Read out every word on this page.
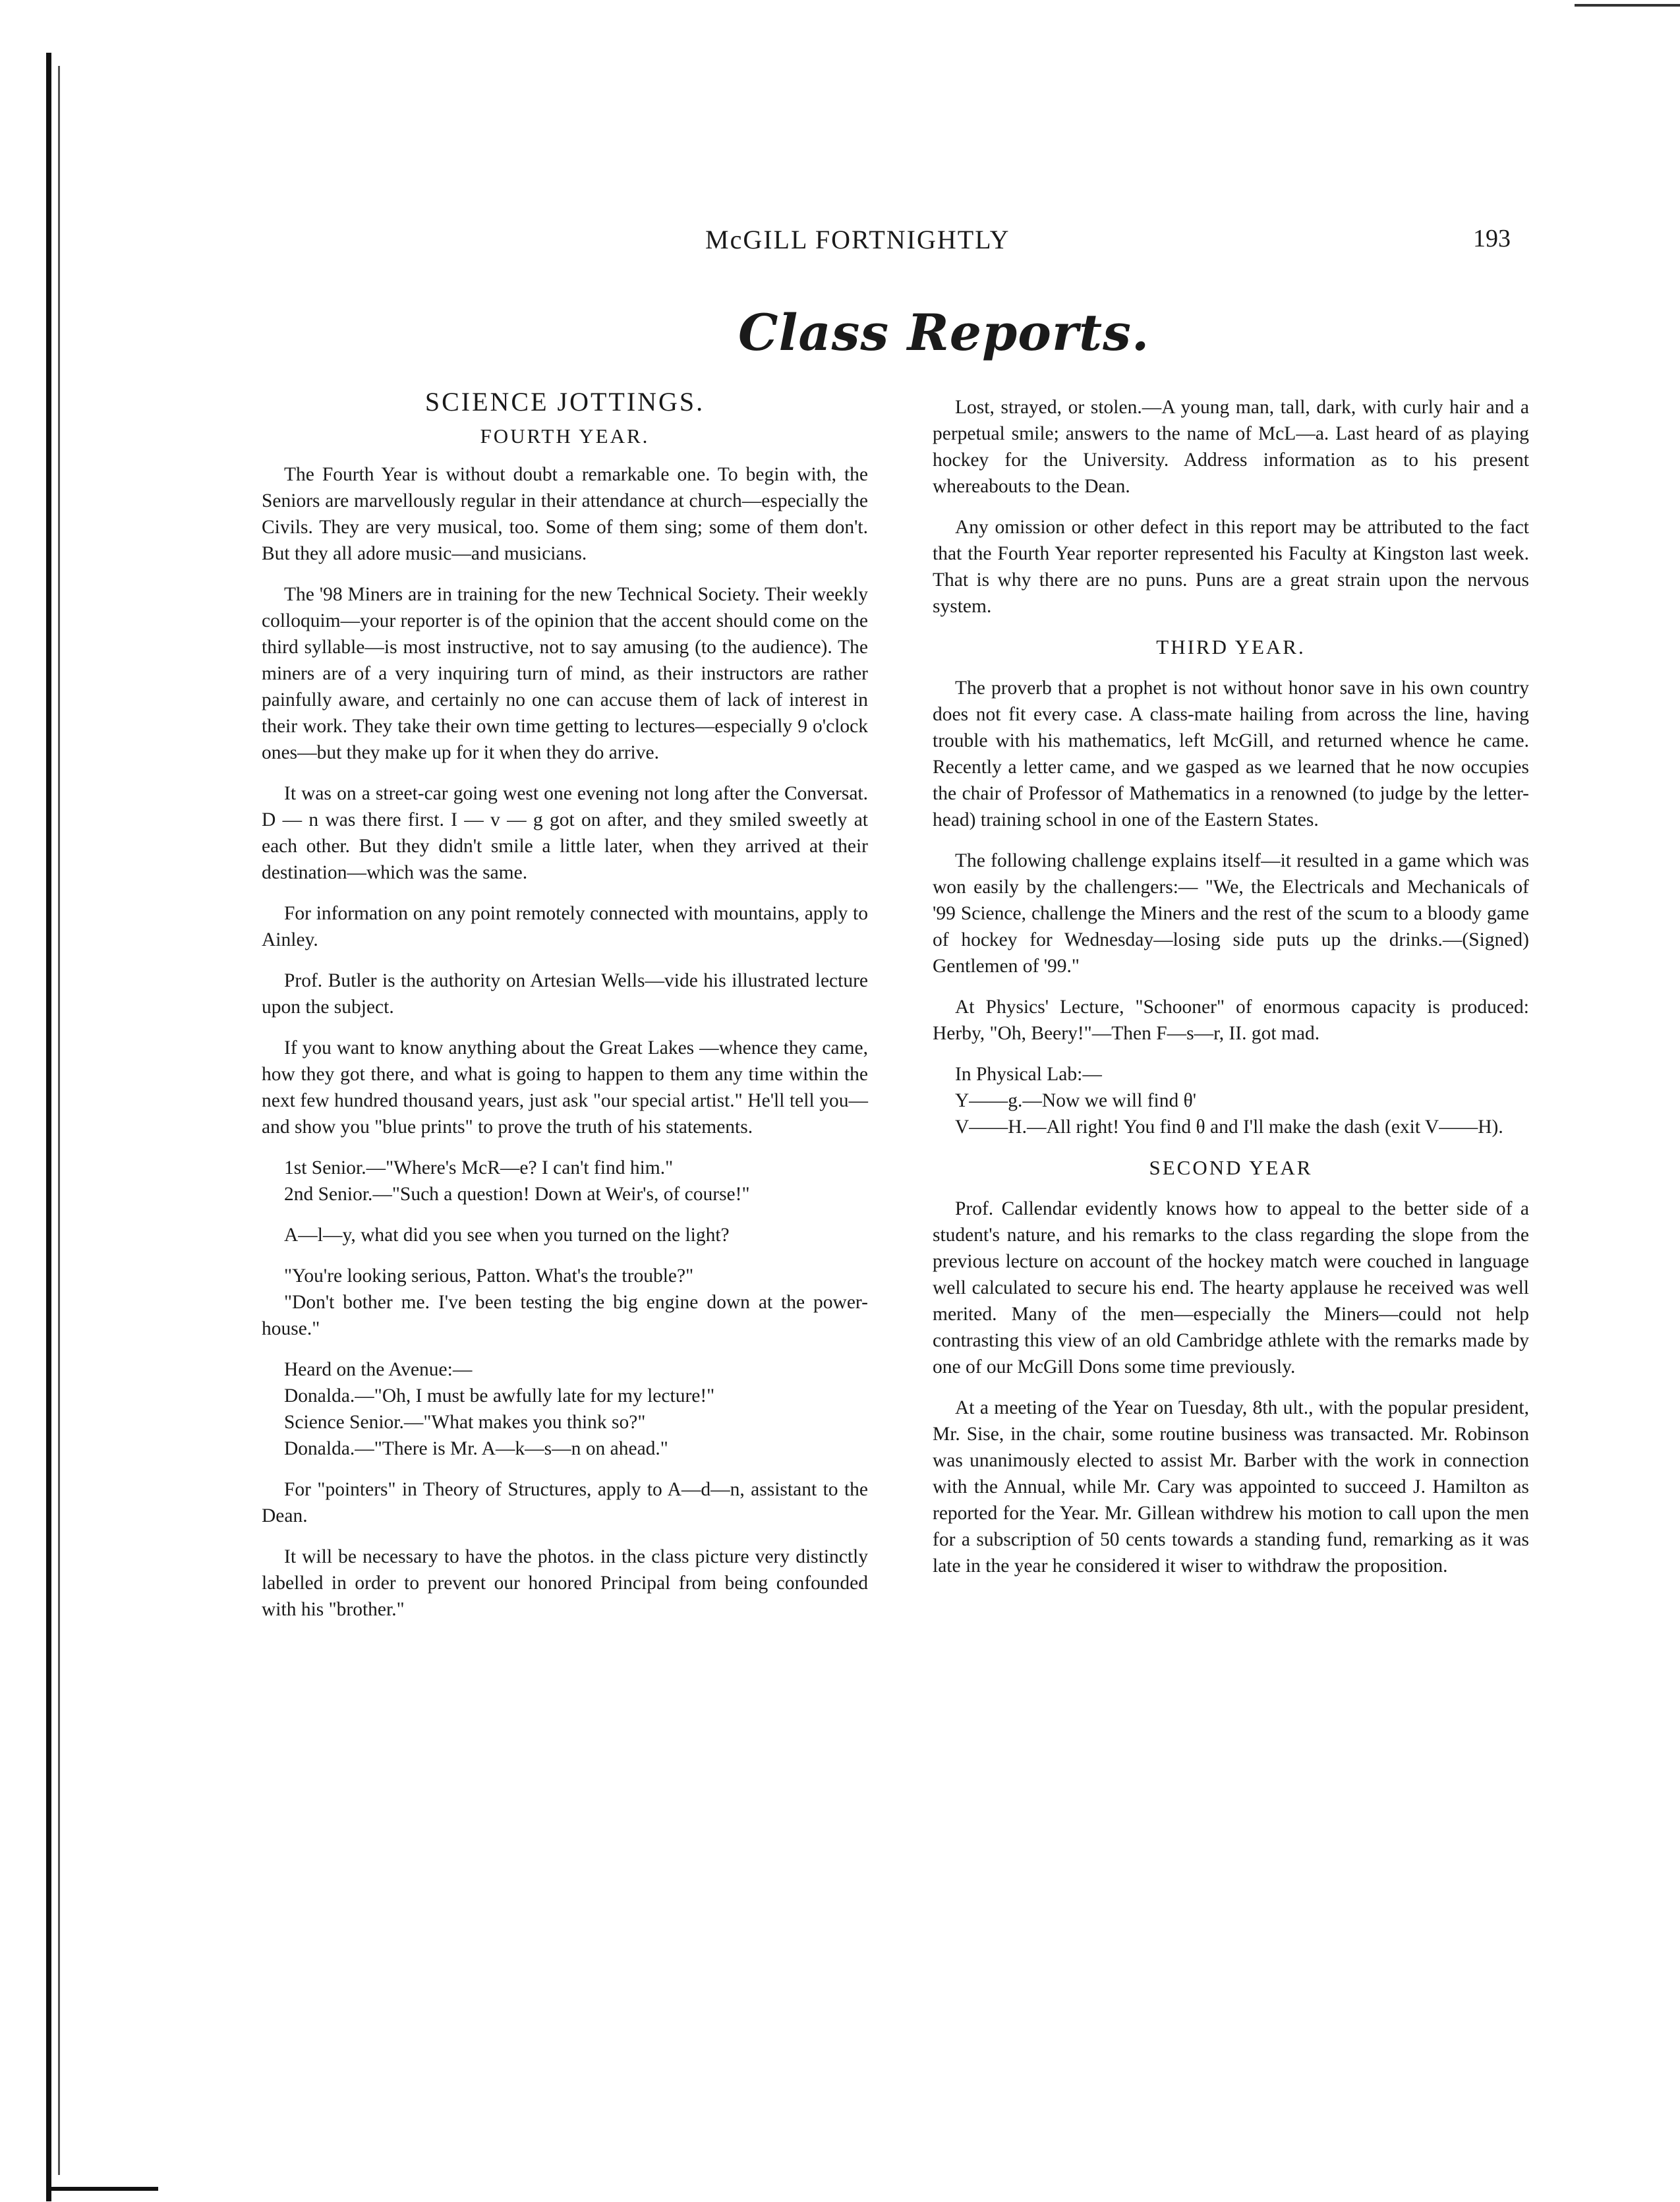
McGILL FORTNIGHTLY	193
Class Reports.
SCIENCE JOTTINGS.
FOURTH YEAR.

The Fourth Year is without doubt a remarkable one. To begin with, the Seniors are marvellously regular in their attendance at church—especially the Civils. They are very musical, too. Some of them sing; some of them don't. But they all adore music—and musicians.

The '98 Miners are in training for the new Technical Society. Their weekly colloquim—your reporter is of the opinion that the accent should come on the third syllable—is most instructive, not to say amusing (to the audience). The miners are of a very inquiring turn of mind, as their instructors are rather painfully aware, and certainly no one can accuse them of lack of interest in their work. They take their own time getting to lectures—especially 9 o'clock ones—but they make up for it when they do arrive.

It was on a street-car going west one evening not long after the Conversat. D — n was there first. I — v — g got on after, and they smiled sweetly at each other. But they didn't smile a little later, when they arrived at their destination—which was the same.

For information on any point remotely connected with mountains, apply to Ainley.

Prof. Butler is the authority on Artesian Wells—vide his illustrated lecture upon the subject.

If you want to know anything about the Great Lakes —whence they came, how they got there, and what is going to happen to them any time within the next few hundred thousand years, just ask "our special artist." He'll tell you—and show you "blue prints" to prove the truth of his statements.

1st Senior.—"Where's McR—e? I can't find him."

2nd Senior.—"Such a question! Down at Weir's, of course!"

A—l—y, what did you see when you turned on the light?

"You're looking serious, Patton. What's the trouble?"

"Don't bother me. I've been testing the big engine down at the power-house."

Heard on the Avenue:—

Donalda.—"Oh, I must be awfully late for my lecture!"

Science Senior.—"What makes you think so?"

Donalda.—"There is Mr. A—k—s—n on ahead."

For "pointers" in Theory of Structures, apply to A—d—n, assistant to the Dean.

It will be necessary to have the photos. in the class picture very distinctly labelled in order to prevent our honored Principal from being confounded with his "brother."

Lost, strayed, or stolen.—A young man, tall, dark, with curly hair and a perpetual smile; answers to the name of McL—a. Last heard of as playing hockey for the University. Address information as to his present whereabouts to the Dean.

Any omission or other defect in this report may be attributed to the fact that the Fourth Year reporter represented his Faculty at Kingston last week. That is why there are no puns. Puns are a great strain upon the nervous system.

THIRD YEAR.

The proverb that a prophet is not without honor save in his own country does not fit every case. A class-mate hailing from across the line, having trouble with his mathematics, left McGill, and returned whence he came. Recently a letter came, and we gasped as we learned that he now occupies the chair of Professor of Mathematics in a renowned (to judge by the letter-head) training school in one of the Eastern States.

The following challenge explains itself—it resulted in a game which was won easily by the challengers:— "We, the Electricals and Mechanicals of '99 Science, challenge the Miners and the rest of the scum to a bloody game of hockey for Wednesday—losing side puts up the drinks.—(Signed) Gentlemen of '99."

At Physics' Lecture, "Schooner" of enormous capacity is produced: Herby, "Oh, Beery!"—Then F—s—r, II. got mad.

In Physical Lab:—

Y——g.—Now we will find θ'

V——H.—All right! You find θ and I'll make the dash (exit V——H).

SECOND YEAR

Prof. Callendar evidently knows how to appeal to the better side of a student's nature, and his remarks to the class regarding the slope from the previous lecture on account of the hockey match were couched in language well calculated to secure his end. The hearty applause he received was well merited. Many of the men—especially the Miners—could not help contrasting this view of an old Cambridge athlete with the remarks made by one of our McGill Dons some time previously.

At a meeting of the Year on Tuesday, 8th ult., with the popular president, Mr. Sise, in the chair, some routine business was transacted. Mr. Robinson was unanimously elected to assist Mr. Barber with the work in connection with the Annual, while Mr. Cary was appointed to succeed J. Hamilton as reported for the Year. Mr. Gillean withdrew his motion to call upon the men for a subscription of 50 cents towards a standing fund, remarking as it was late in the year he considered it wiser to withdraw the proposition.
